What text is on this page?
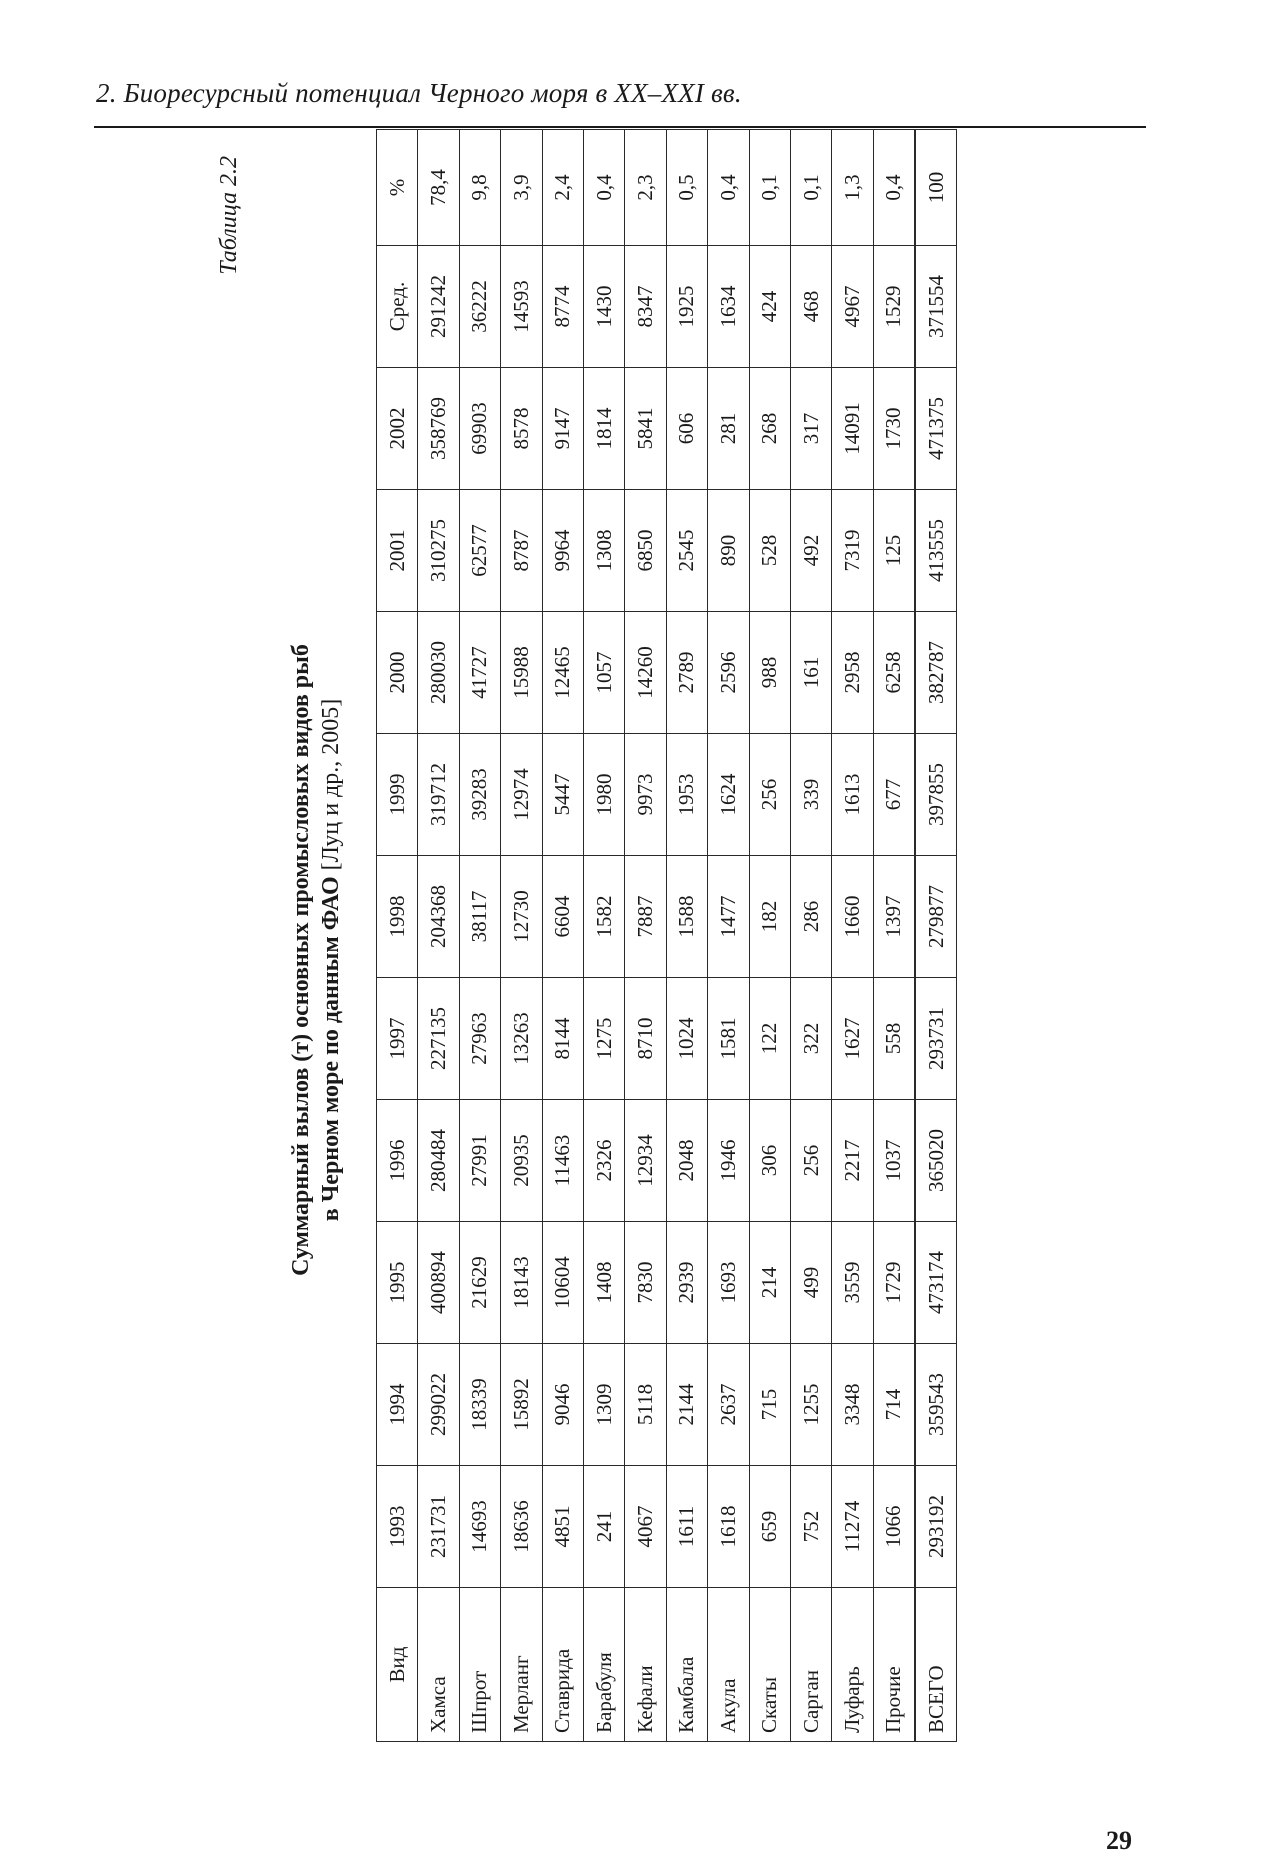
2. Биоресурсный потенциал Черного моря в XX–XXI вв.
Таблица 2.2
Суммарный вылов (т) основных промысловых видов рыб в Черном море по данным ФАО [Луц и др., 2005]
Вид	1993	1994	1995	1996	1997	1998	1999	2000	2001	2002	Сред.	%
Хамса	231731	299022	400894	280484	227135	204368	319712	280030	310275	358769	291242	78,4
Шпрот	14693	18339	21629	27991	27963	38117	39283	41727	62577	69903	36222	9,8
Мерланг	18636	15892	18143	20935	13263	12730	12974	15988	8787	8578	14593	3,9
Ставрида	4851	9046	10604	11463	8144	6604	5447	12465	9964	9147	8774	2,4
Барабуля	241	1309	1408	2326	1275	1582	1980	1057	1308	1814	1430	0,4
Кефали	4067	5118	7830	12934	8710	7887	9973	14260	6850	5841	8347	2,3
Камбала	1611	2144	2939	2048	1024	1588	1953	2789	2545	606	1925	0,5
Акула	1618	2637	1693	1946	1581	1477	1624	2596	890	281	1634	0,4
Скаты	659	715	214	306	122	182	256	988	528	268	424	0,1
Сарган	752	1255	499	256	322	286	339	161	492	317	468	0,1
Луфарь	11274	3348	3559	2217	1627	1660	1613	2958	7319	14091	4967	1,3
Прочие	1066	714	1729	1037	558	1397	677	6258	125	1730	1529	0,4
ВСЕГО	293192	359543	473174	365020	293731	279877	397855	382787	413555	471375	371554	100
29
